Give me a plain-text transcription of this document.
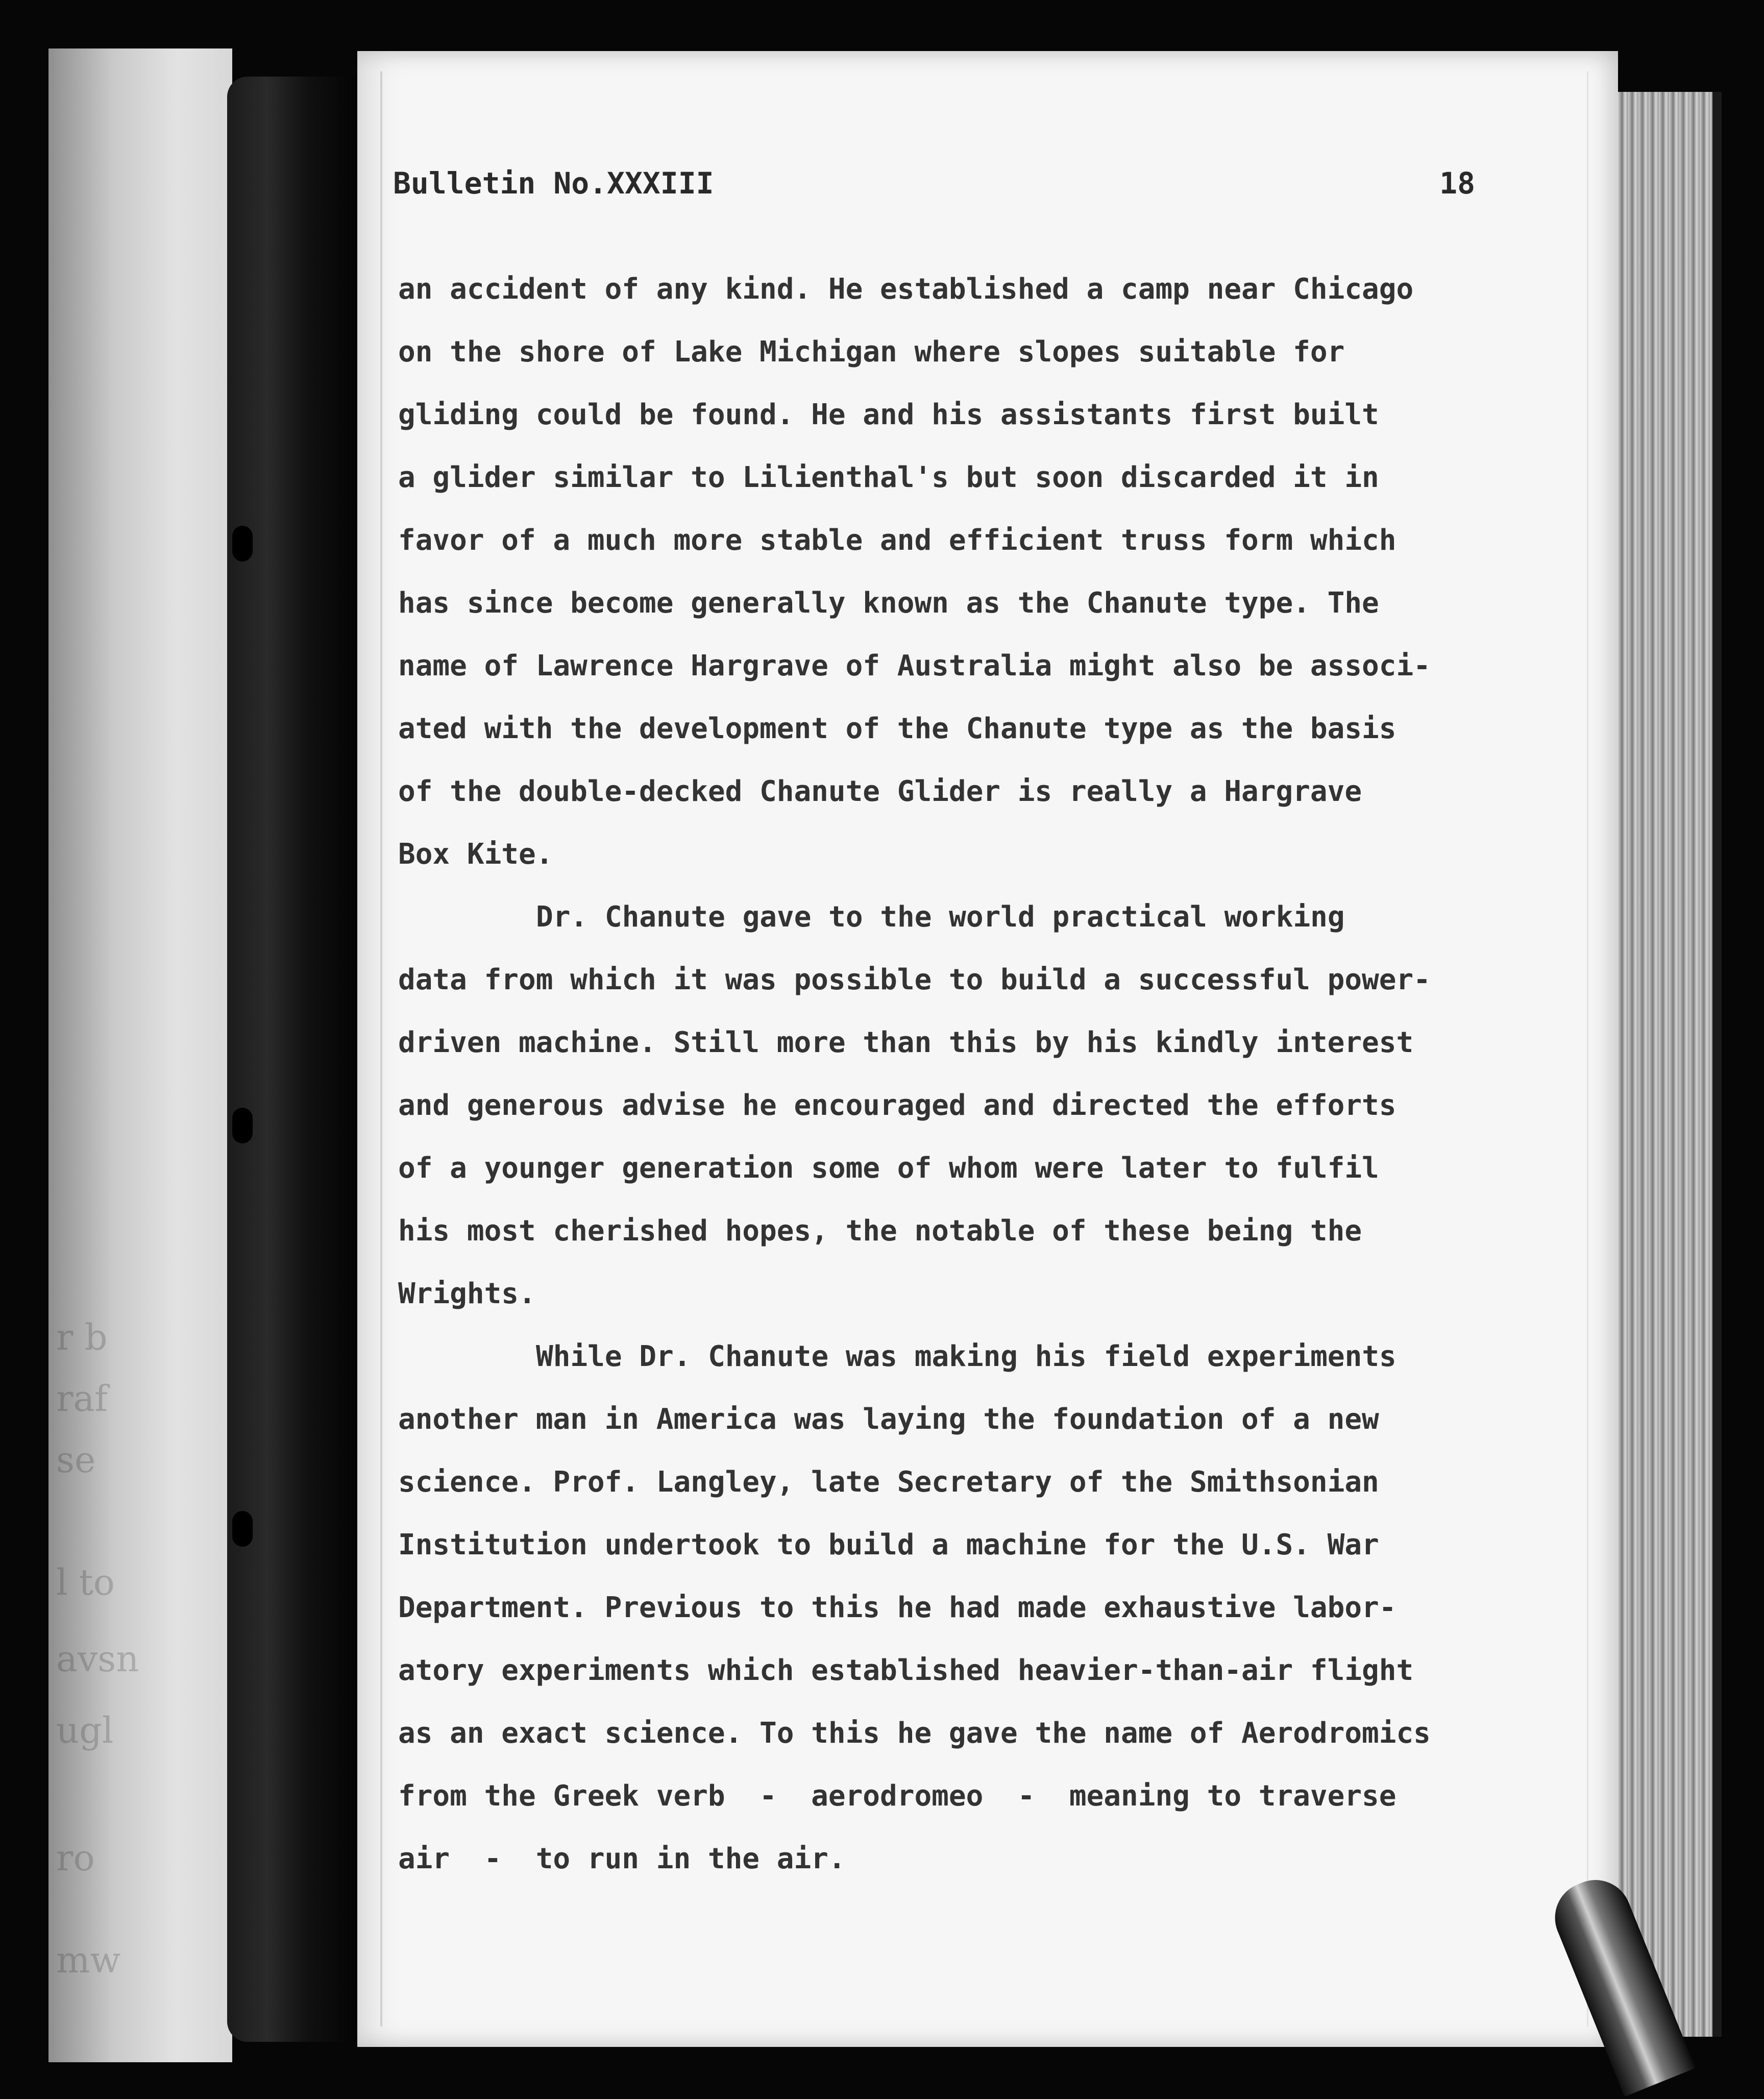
r b
raf
se
l to
avsn
ugl
ro
mw
Bulletin No.XXXIII	18
an accident of any kind. He established a camp near Chicago
on the shore of Lake Michigan where slopes suitable for
gliding could be found. He and his assistants first built
a glider similar to Lilienthal's but soon discarded it in
favor of a much more stable and efficient truss form which
has since become generally known as the Chanute type. The
name of Lawrence Hargrave of Australia might also be associ-
ated with the development of the Chanute type as the basis
of the double-decked Chanute Glider is really a Hargrave
Box Kite.
Dr. Chanute gave to the world practical working
data from which it was possible to build a successful power-
driven machine. Still more than this by his kindly interest
and generous advise he encouraged and directed the efforts
of a younger generation some of whom were later to fulfil
his most cherished hopes, the notable of these being the
Wrights.
While Dr. Chanute was making his field experiments
another man in America was laying the foundation of a new
science. Prof. Langley, late Secretary of the Smithsonian
Institution undertook to build a machine for the U.S. War
Department. Previous to this he had made exhaustive labor-
atory experiments which established heavier-than-air flight
as an exact science. To this he gave the name of Aerodromics
from the Greek verb  -  aerodromeo  -  meaning to traverse
air  -  to run in the air.
